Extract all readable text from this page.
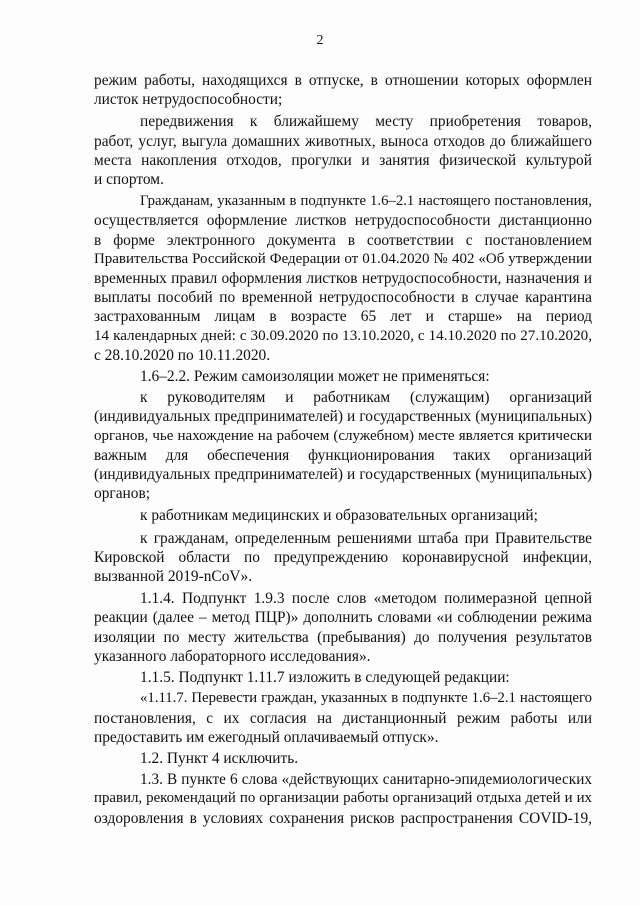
2

режим работы, находящихся в отпуске, в отношении которых оформлен
листок нетрудоспособности;

передвижения к ближайшему месту приобретения товаров,
работ, услуг, выгула домашних животных, выноса отходов до ближайшего
места накопления отходов, прогулки и занятия физической культурой
и спортом.

Гражданам, указанным в подпункте 1.6–2.1 настоящего постановления,
осуществляется оформление листков нетрудоспособности дистанционно
в форме электронного документа в соответствии с постановлением
Правительства Российской Федерации от 01.04.2020 № 402 «Об утверждении
временных правил оформления листков нетрудоспособности, назначения и
выплаты пособий по временной нетрудоспособности в случае карантина
застрахованным лицам в возрасте 65 лет и старше» на период
14 календарных дней: с 30.09.2020 по 13.10.2020, с 14.10.2020 по 27.10.2020,
с 28.10.2020 по 10.11.2020.

1.6–2.2. Режим самоизоляции может не применяться:

к руководителям и работникам (служащим) организаций
(индивидуальных предпринимателей) и государственных (муниципальных)
органов, чье нахождение на рабочем (служебном) месте является критически
важным для обеспечения функционирования таких организаций
(индивидуальных предпринимателей) и государственных (муниципальных)
органов;

к работникам медицинских и образовательных организаций;

к гражданам, определенным решениями штаба при Правительстве
Кировской области по предупреждению коронавирусной инфекции,
вызванной 2019-nCoV».

1.1.4. Подпункт 1.9.3 после слов «методом полимеразной цепной
реакции (далее – метод ПЦР)» дополнить словами «и соблюдении режима
изоляции по месту жительства (пребывания) до получения результатов
указанного лабораторного исследования».

1.1.5. Подпункт 1.11.7 изложить в следующей редакции:

«1.11.7. Перевести граждан, указанных в подпункте 1.6–2.1 настоящего
постановления, с их согласия на дистанционный режим работы или
предоставить им ежегодный оплачиваемый отпуск».

1.2. Пункт 4 исключить.

1.3. В пункте 6 слова «действующих санитарно-эпидемиологических
правил, рекомендаций по организации работы организаций отдыха детей и их
оздоровления в условиях сохранения рисков распространения COVID-19,
